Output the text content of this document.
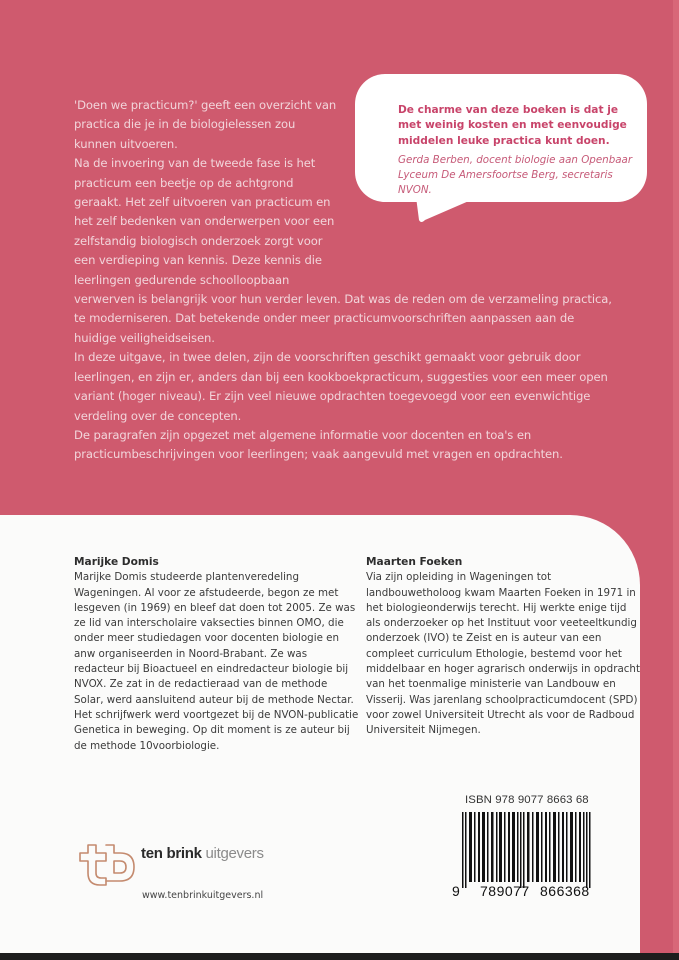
'Doen we practicum?' geeft een overzicht van practica die je in de biologielessen zou kunnen uitvoeren.

Na de invoering van de tweede fase is het practicum een beetje op de achtgrond geraakt. Het zelf uitvoeren van practicum en het zelf bedenken van onderwerpen voor een zelfstandig biologisch onderzoek zorgt voor een verdieping van kennis. Deze kennis die leerlingen gedurende schoolloopbaan

verwerven is belangrijk voor hun verder leven. Dat was de reden om de verzameling practica, te moderniseren. Dat betekende onder meer practicumvoorschriften aanpassen aan de huidige veiligheidseisen.

In deze uitgave, in twee delen, zijn de voorschriften geschikt gemaakt voor gebruik door leerlingen, en zijn er, anders dan bij een kookboekpracticum, suggesties voor een meer open variant (hoger niveau). Er zijn veel nieuwe opdrachten toegevoegd voor een evenwichtige verdeling over de concepten.

De paragrafen zijn opgezet met algemene informatie voor docenten en toa's en practicumbeschrijvingen voor leerlingen; vaak aangevuld met vragen en opdrachten.

De charme van deze boeken is dat je met weinig kosten en met eenvoudige middelen leuke practica kunt doen.
Gerda Berben, docent biologie aan Openbaar Lyceum De Amersfoortse Berg, secretaris NVON.
Marijke Domis

Marijke Domis studeerde plantenveredeling Wageningen. Al voor ze afstudeerde, begon ze met lesgeven (in 1969) en bleef dat doen tot 2005. Ze was ze lid van interscholaire vaksecties binnen OMO, die onder meer studiedagen voor docenten biologie en anw organiseerden in Noord-Brabant. Ze was redacteur bij Bioactueel en eindredacteur biologie bij NVOX. Ze zat in de redactieraad van de methode Solar, werd aansluitend auteur bij de methode Nectar. Het schrijfwerk werd voortgezet bij de NVON-publicatie Genetica in beweging. Op dit moment is ze auteur bij de methode 10voorbiologie.

Maarten Foeken

Via zijn opleiding in Wageningen tot landbouwetholoog kwam Maarten Foeken in 1971 in het biologieonderwijs terecht. Hij werkte enige tijd als onderzoeker op het Instituut voor veeteeltkundig onderzoek (IVO) te Zeist en is auteur van een compleet curriculum Ethologie, bestemd voor het middelbaar en hoger agrarisch onderwijs in opdracht van het toenmalige ministerie van Landbouw en Visserij. Was jarenlang schoolpracticumdocent (SPD) voor zowel Universiteit Utrecht als voor de Radboud Universiteit Nijmegen.

ten brink uitgevers
www.tenbrinkuitgevers.nl
ISBN 978 9077 8663 68
9 789077 866368
